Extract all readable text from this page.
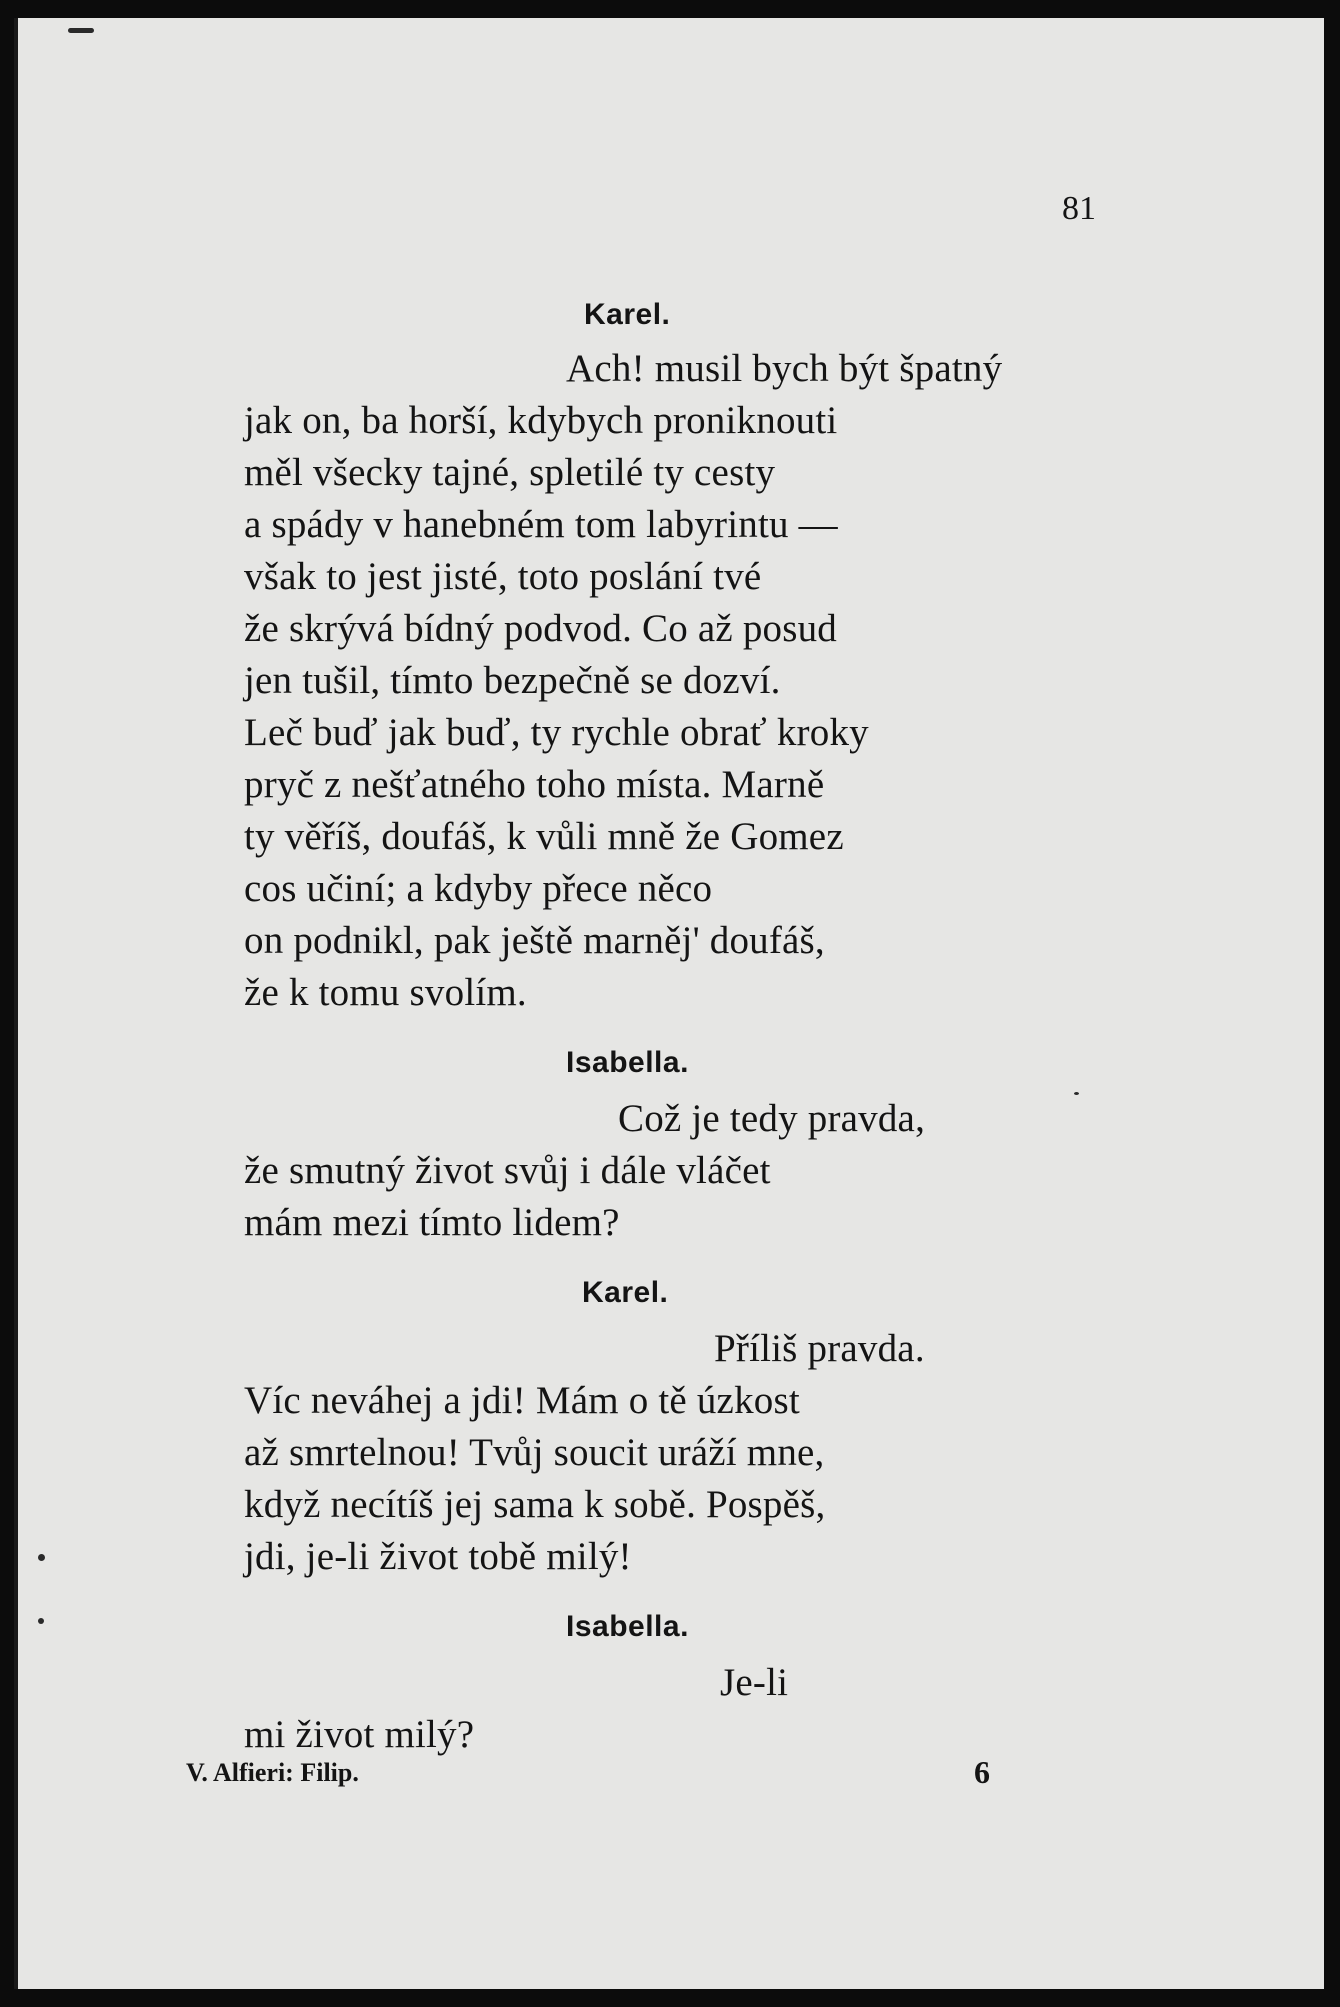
81
Karel.
Ach! musil bych být špatný
jak on, ba horší, kdybych proniknouti
měl všecky tajné, spletilé ty cesty
a spády v hanebném tom labyrintu —
však to jest jisté, toto poslání tvé
že skrývá bídný podvod. Co až posud
jen tušil, tímto bezpečně se dozví.
Leč buď jak buď, ty rychle obrať kroky
pryč z nešťatného toho místa. Marně
ty věříš, doufáš, k vůli mně že Gomez
cos učiní; a kdyby přece něco
on podnikl, pak ještě marněj' doufáš,
že k tomu svolím.
Isabella.
Což je tedy pravda,
že smutný život svůj i dále vláčet
mám mezi tímto lidem?
Karel.
Příliš pravda.
Víc neváhej a jdi! Mám o tě úzkost
až smrtelnou! Tvůj soucit uráží mne,
když necítíš jej sama k sobě. Pospěš,
jdi, je-li život tobě milý!
Isabella.
Je-li
mi život milý?
V. Alfieri: Filip.	6
